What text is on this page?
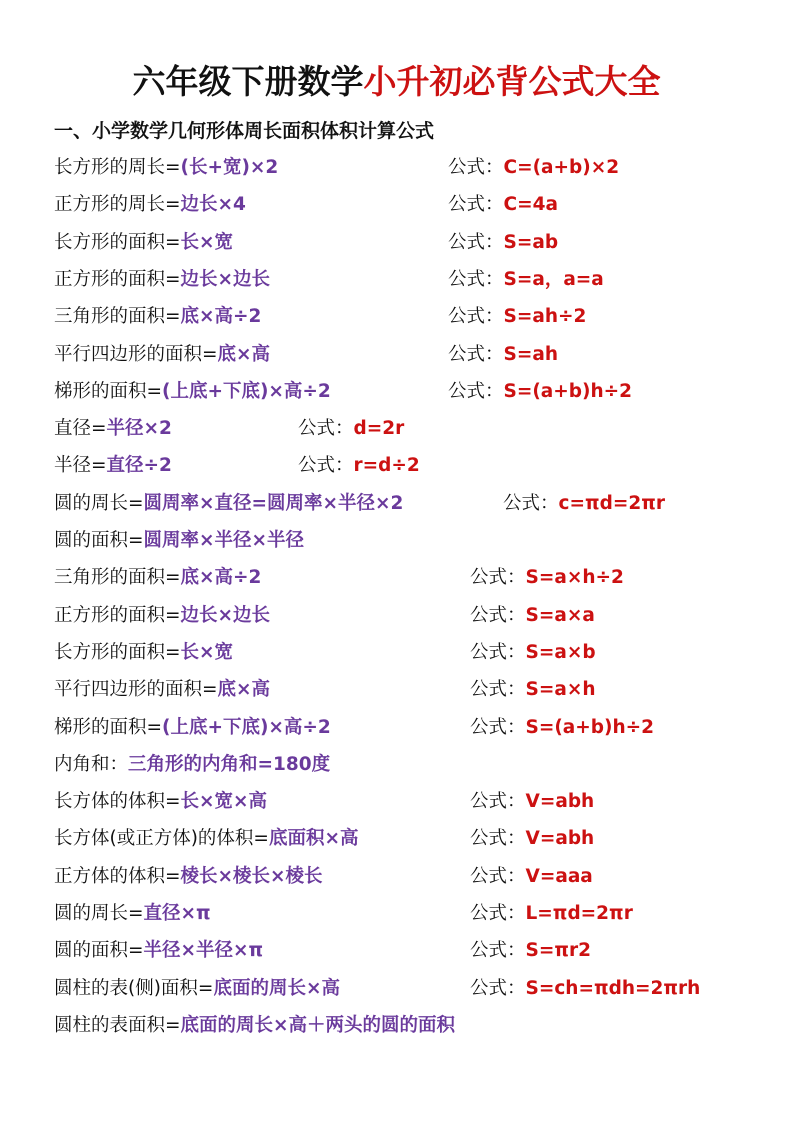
六年级下册数学小升初必背公式大全
一、小学数学几何形体周长面积体积计算公式
长方形的周长=(长+宽)×2	公式：C=(a+b)×2
正方形的周长=边长×4	公式：C=4a
长方形的面积=长×宽	公式：S=ab
正方形的面积=边长×边长	公式：S=a，a=a
三角形的面积=底×高÷2	公式：S=ah÷2
平行四边形的面积=底×高	公式：S=ah
梯形的面积=(上底+下底)×高÷2	公式：S=(a+b)h÷2
直径=半径×2	公式：d=2r
半径=直径÷2	公式：r=d÷2
圆的周长=圆周率×直径=圆周率×半径×2	公式：c=πd=2πr
圆的面积=圆周率×半径×半径
三角形的面积=底×高÷2	公式：S=a×h÷2
正方形的面积=边长×边长	公式：S=a×a
长方形的面积=长×宽	公式：S=a×b
平行四边形的面积=底×高	公式：S=a×h
梯形的面积=(上底+下底)×高÷2	公式：S=(a+b)h÷2
内角和：三角形的内角和=180度
长方体的体积=长×宽×高	公式：V=abh
长方体(或正方体)的体积=底面积×高	公式：V=abh
正方体的体积=棱长×棱长×棱长	公式：V=aaa
圆的周长=直径×π	公式：L=πd=2πr
圆的面积=半径×半径×π	公式：S=πr2
圆柱的表(侧)面积=底面的周长×高	公式：S=ch=πdh=2πrh
圆柱的表面积=底面的周长×高＋两头的圆的面积
